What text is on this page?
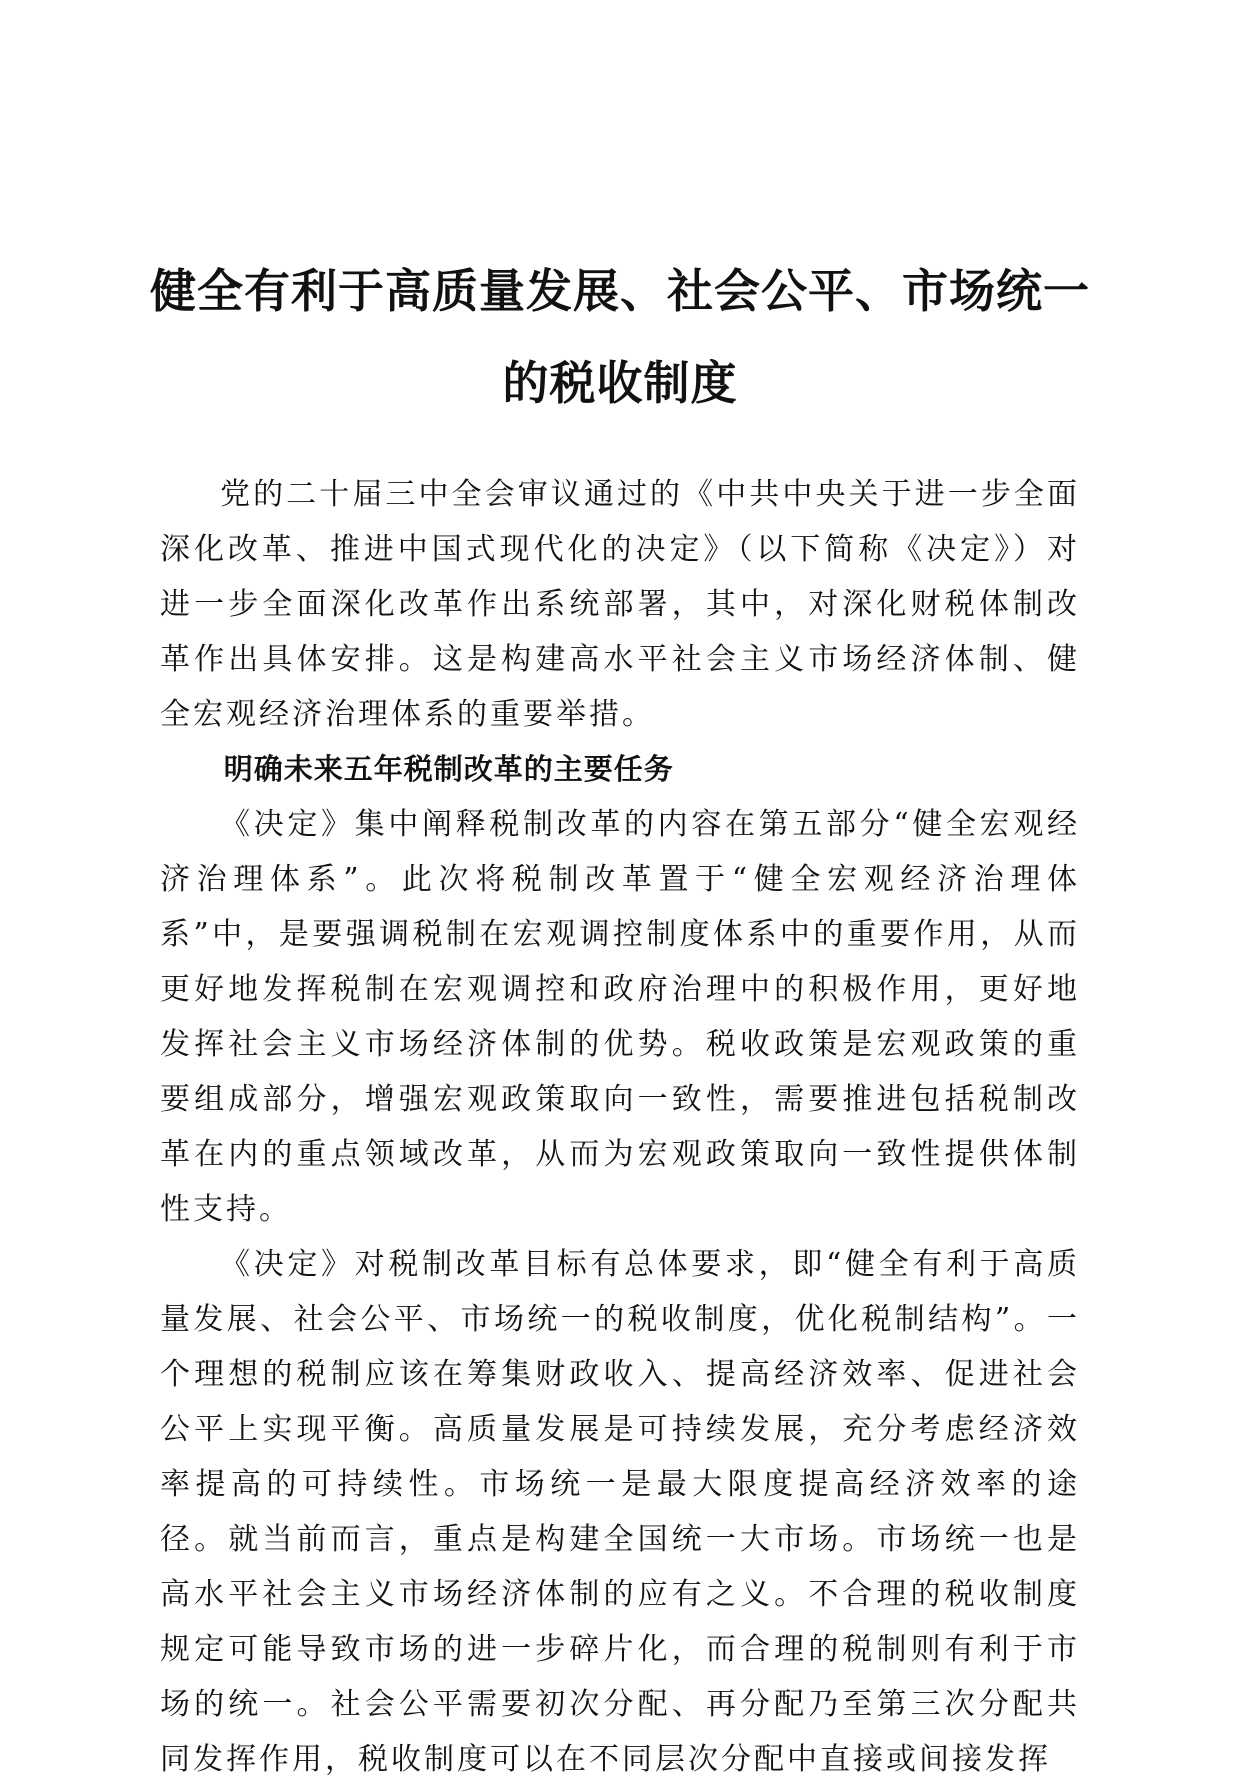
健全有利于高质量发展、社会公平、市场统一
的税收制度

党的二十届三中全会审议通过的《中共中央关于进一步全面深化改革、推进中国式现代化的决定》（以下简称《决定》）对进一步全面深化改革作出系统部署，其中，对深化财税体制改革作出具体安排。这是构建高水平社会主义市场经济体制、健全宏观经济治理体系的重要举措。

明确未来五年税制改革的主要任务

《决定》集中阐释税制改革的内容在第五部分“健全宏观经济治理体系”。此次将税制改革置于“健全宏观经济治理体系”中，是要强调税制在宏观调控制度体系中的重要作用，从而更好地发挥税制在宏观调控和政府治理中的积极作用，更好地发挥社会主义市场经济体制的优势。税收政策是宏观政策的重要组成部分，增强宏观政策取向一致性，需要推进包括税制改革在内的重点领域改革，从而为宏观政策取向一致性提供体制性支持。

《决定》对税制改革目标有总体要求，即“健全有利于高质量发展、社会公平、市场统一的税收制度，优化税制结构”。一个理想的税制应该在筹集财政收入、提高经济效率、促进社会公平上实现平衡。高质量发展是可持续发展，充分考虑经济效率提高的可持续性。市场统一是最大限度提高经济效率的途径。就当前而言，重点是构建全国统一大市场。市场统一也是高水平社会主义市场经济体制的应有之义。不合理的税收制度规定可能导致市场的进一步碎片化，而合理的税制则有利于市场的统一。社会公平需要初次分配、再分配乃至第三次分配共同发挥作用，税收制度可以在不同层次分配中直接或间接发挥
